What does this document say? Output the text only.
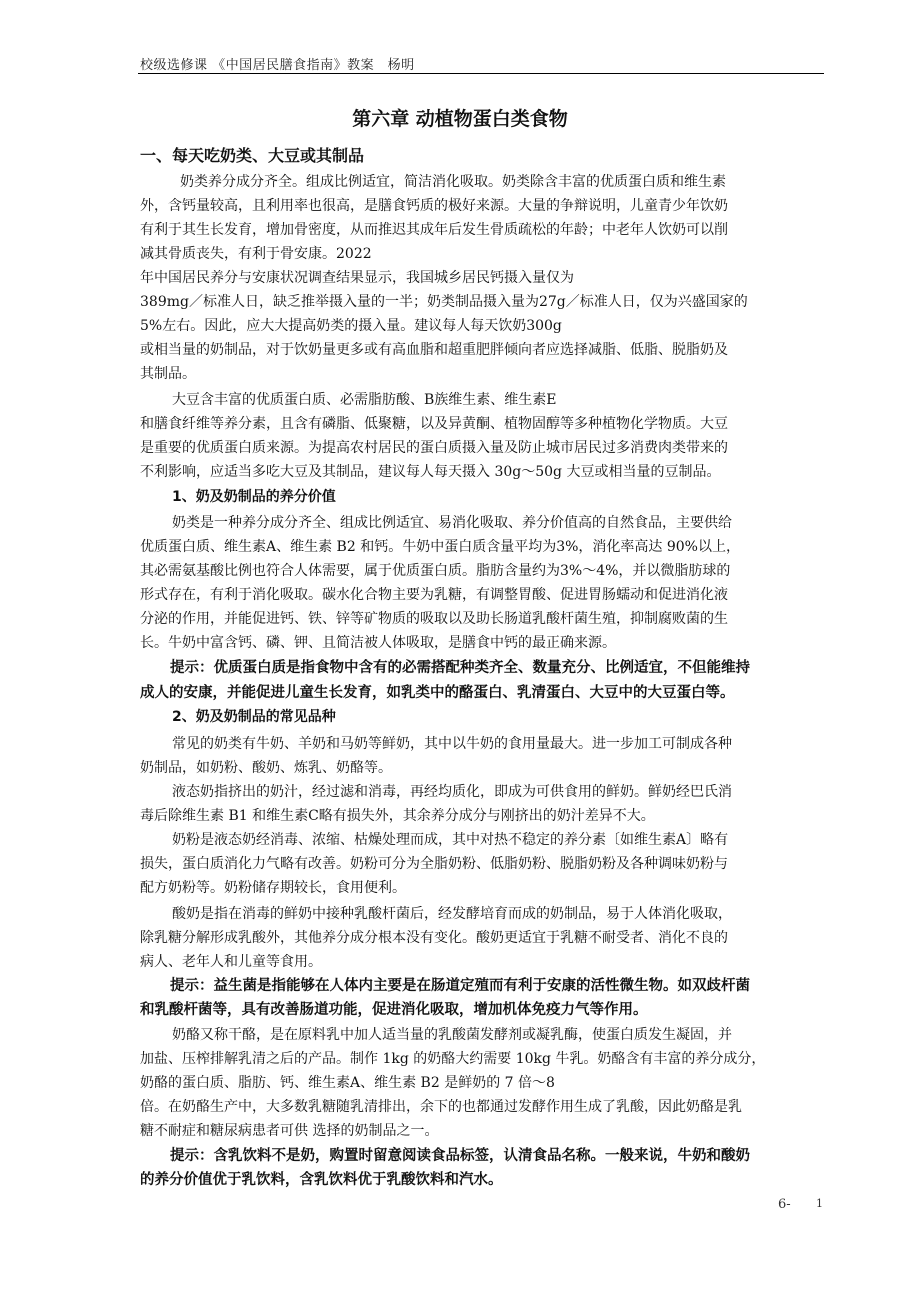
校级选修课 《中国居民膳食指南》教案　杨明
第六章 动植物蛋白类食物
一、每天吃奶类、大豆或其制品
奶类养分成分齐全。组成比例适宜，简洁消化吸取。奶类除含丰富的优质蛋白质和维生素
外，含钙量较高，且利用率也很高，是膳食钙质的极好来源。大量的争辩说明，儿童青少年饮奶
有利于其生长发育，增加骨密度，从而推迟其成年后发生骨质疏松的年龄；中老年人饮奶可以削
减其骨质丧失，有利于骨安康。2022
年中国居民养分与安康状况调查结果显示，我国城乡居民钙摄入量仅为
389mg／标准人日，缺乏推举摄入量的一半；奶类制品摄入量为27g／标准人日，仅为兴盛国家的
5%左右。因此，应大大提高奶类的摄入量。建议每人每天饮奶300g
或相当量的奶制品，对于饮奶量更多或有高血脂和超重肥胖倾向者应选择减脂、低脂、脱脂奶及
其制品。
大豆含丰富的优质蛋白质、必需脂肪酸、B族维生素、维生素E
和膳食纤维等养分素，且含有磷脂、低聚糖，以及异黄酮、植物固醇等多种植物化学物质。大豆
是重要的优质蛋白质来源。为提高农村居民的蛋白质摄入量及防止城市居民过多消费肉类带来的
不利影响，应适当多吃大豆及其制品，建议每人每天摄入 30g～50g 大豆或相当量的豆制品。
1、奶及奶制品的养分价值
奶类是一种养分成分齐全、组成比例适宜、易消化吸取、养分价值高的自然食品，主要供给
优质蛋白质、维生素A、维生素 B2 和钙。牛奶中蛋白质含量平均为3%，消化率高达 90%以上，
其必需氨基酸比例也符合人体需要，属于优质蛋白质。脂肪含量约为3%～4%，并以微脂肪球的
形式存在，有利于消化吸取。碳水化合物主要为乳糖，有调整胃酸、促进胃肠蠕动和促进消化液
分泌的作用，并能促进钙、铁、锌等矿物质的吸取以及助长肠道乳酸杆菌生殖，抑制腐败菌的生
长。牛奶中富含钙、磷、钾、且简洁被人体吸取，是膳食中钙的最正确来源。
提示：优质蛋白质是指食物中含有的必需搭配种类齐全、数量充分、比例适宜，不但能维持
成人的安康，并能促进儿童生长发育，如乳类中的酪蛋白、乳清蛋白、大豆中的大豆蛋白等。
2、奶及奶制品的常见品种
常见的奶类有牛奶、羊奶和马奶等鲜奶，其中以牛奶的食用量最大。进一步加工可制成各种
奶制品，如奶粉、酸奶、炼乳、奶酪等。
液态奶指挤出的奶汁，经过滤和消毒，再经均质化，即成为可供食用的鲜奶。鲜奶经巴氏消
毒后除维生素 B1 和维生素C略有损失外，其余养分成分与刚挤出的奶汁差异不大。
奶粉是液态奶经消毒、浓缩、枯燥处理而成，其中对热不稳定的养分素〔如维生素A〕略有
损失，蛋白质消化力气略有改善。奶粉可分为全脂奶粉、低脂奶粉、脱脂奶粉及各种调味奶粉与
配方奶粉等。奶粉储存期较长，食用便利。
酸奶是指在消毒的鲜奶中接种乳酸杆菌后，经发酵培育而成的奶制品，易于人体消化吸取，
除乳糖分解形成乳酸外，其他养分成分根本没有变化。酸奶更适宜于乳糖不耐受者、消化不良的
病人、老年人和儿童等食用。
提示：益生菌是指能够在人体内主要是在肠道定殖而有利于安康的活性微生物。如双歧杆菌
和乳酸杆菌等，具有改善肠道功能，促进消化吸取，增加机体免疫力气等作用。
奶酪又称干酪，是在原料乳中加人适当量的乳酸菌发酵剂或凝乳酶，使蛋白质发生凝固，并
加盐、压榨排解乳清之后的产品。制作 1kg 的奶酪大约需要 10kg 牛乳。奶酪含有丰富的养分成分，
奶酪的蛋白质、脂肪、钙、维生素A、维生素 B2 是鲜奶的 7 倍～8
倍。在奶酪生产中，大多数乳糖随乳清排出，余下的也都通过发酵作用生成了乳酸，因此奶酪是乳
糖不耐症和糖尿病患者可供 选择的奶制品之一。
提示：含乳饮料不是奶，购置时留意阅读食品标签，认清食品名称。一般来说，牛奶和酸奶
的养分价值优于乳饮料，含乳饮料优于乳酸饮料和汽水。
6- 1
